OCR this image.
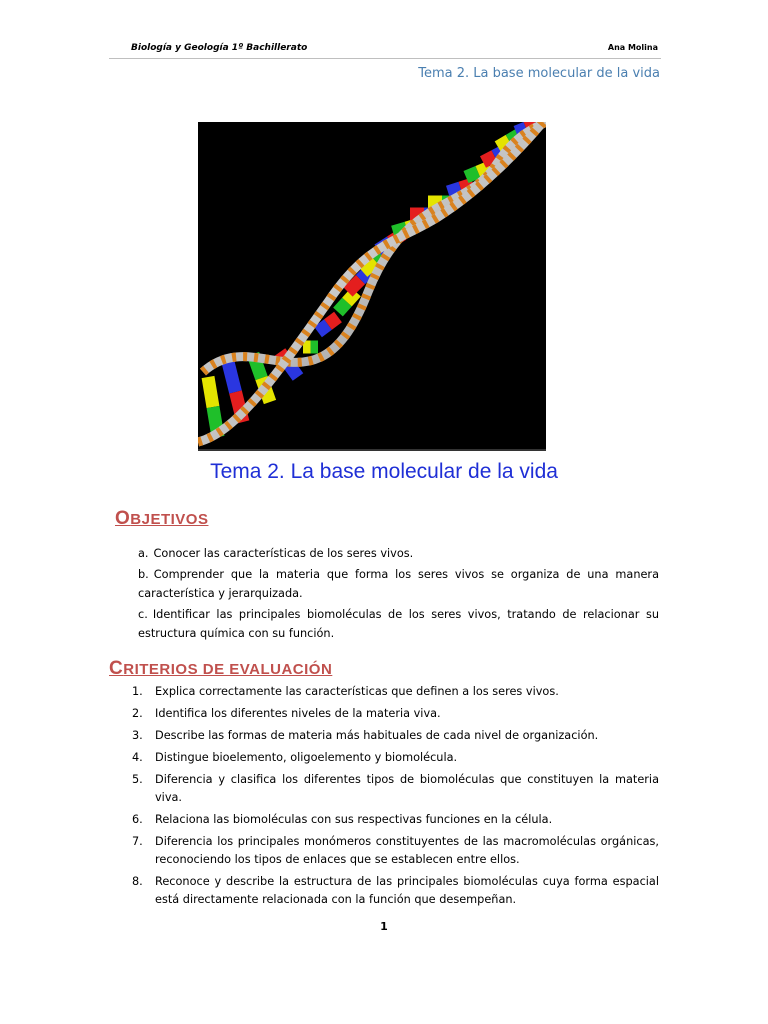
Biología y Geología 1º Bachillerato	Ana Molina
Tema 2. La base molecular de la vida
Tema 2. La base molecular de la vida
OBJETIVOS
a. Conocer las características de los seres vivos.
b. Comprender que la materia que forma los seres vivos se organiza de una manera característica y jerarquizada.
c. Identificar las principales biomoléculas de los seres vivos, tratando de relacionar su estructura química con su función.
CRITERIOS DE EVALUACIÓN
1. Explica correctamente las características que definen a los seres vivos.
2. Identifica los diferentes niveles de la materia viva.
3. Describe las formas de materia más habituales de cada nivel de organización.
4. Distingue bioelemento, oligoelemento y biomolécula.
5. Diferencia y clasifica los diferentes tipos de biomoléculas que constituyen la materia viva.
6. Relaciona las biomoléculas con sus respectivas funciones en la célula.
7. Diferencia los principales monómeros constituyentes de las macromoléculas orgánicas, reconociendo los tipos de enlaces que se establecen entre ellos.
8. Reconoce y describe la estructura de las principales biomoléculas cuya forma espacial está directamente relacionada con la función que desempeñan.
1
